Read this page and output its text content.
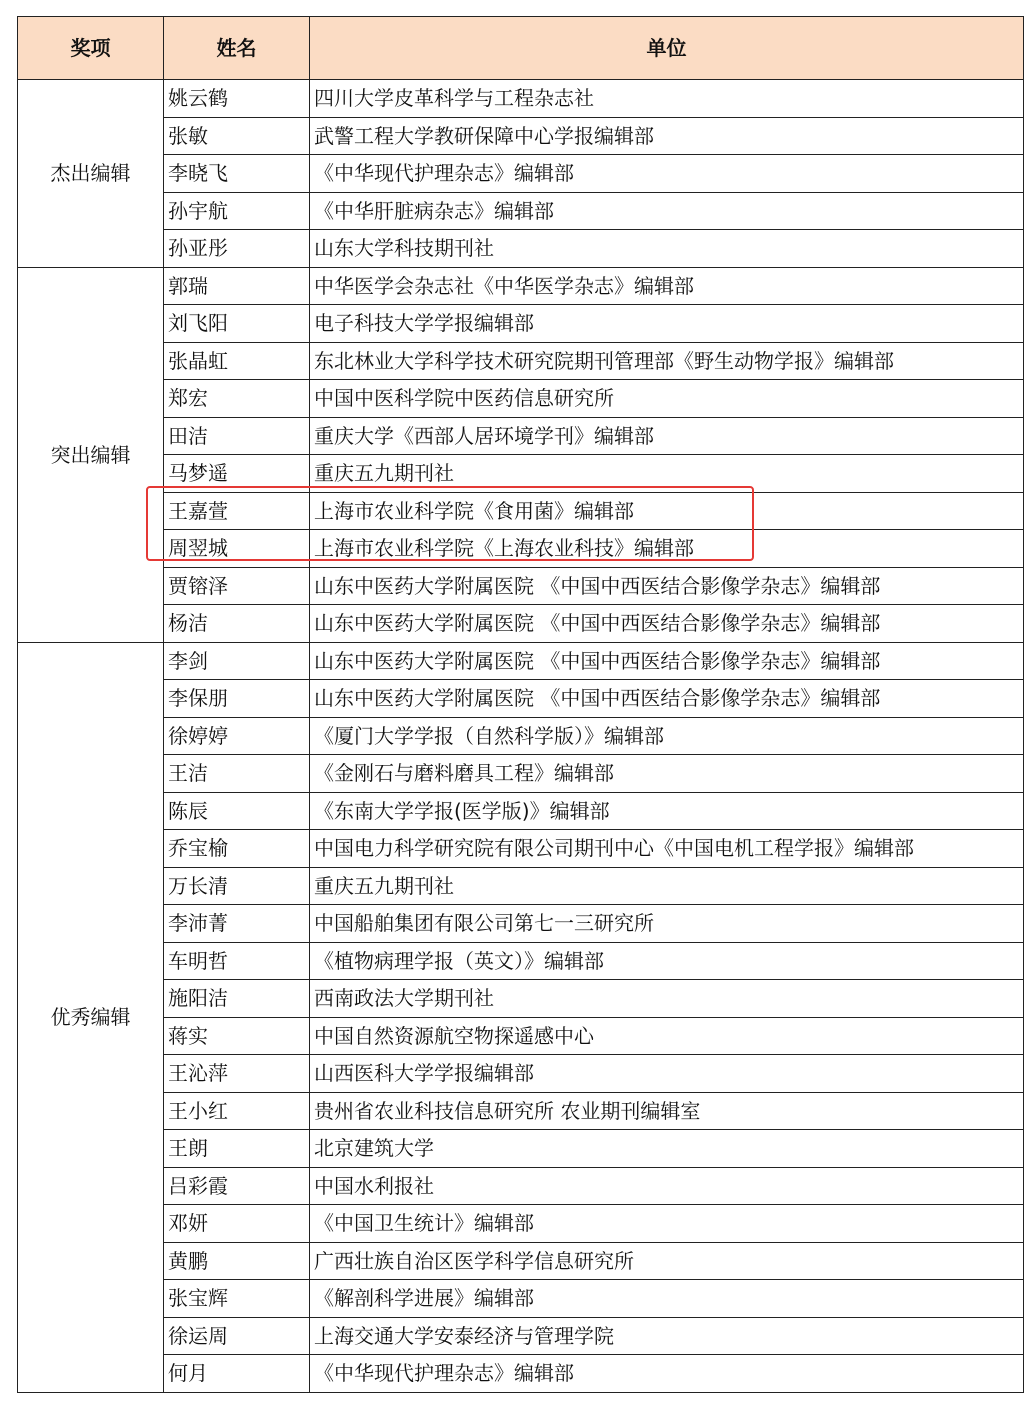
奖项	姓名	单位
杰出编辑	姚云鹤	四川大学皮革科学与工程杂志社
	张敏	武警工程大学教研保障中心学报编辑部
	李晓飞	《中华现代护理杂志》编辑部
	孙宇航	《中华肝脏病杂志》编辑部
	孙亚彤	山东大学科技期刊社
突出编辑	郭瑞	中华医学会杂志社《中华医学杂志》编辑部
	刘飞阳	电子科技大学学报编辑部
	张晶虹	东北林业大学科学技术研究院期刊管理部《野生动物学报》编辑部
	郑宏	中国中医科学院中医药信息研究所
	田洁	重庆大学《西部人居环境学刊》编辑部
	马梦遥	重庆五九期刊社
	王嘉萱	上海市农业科学院《食用菌》编辑部
	周翌城	上海市农业科学院《上海农业科技》编辑部
	贾镕泽	山东中医药大学附属医院 《中国中西医结合影像学杂志》编辑部
	杨洁	山东中医药大学附属医院 《中国中西医结合影像学杂志》编辑部
优秀编辑	李剑	山东中医药大学附属医院 《中国中西医结合影像学杂志》编辑部
	李保朋	山东中医药大学附属医院 《中国中西医结合影像学杂志》编辑部
	徐婷婷	《厦门大学学报（自然科学版）》编辑部
	王洁	《金刚石与磨料磨具工程》编辑部
	陈辰	《东南大学学报(医学版)》编辑部
	乔宝榆	中国电力科学研究院有限公司期刊中心《中国电机工程学报》编辑部
	万长清	重庆五九期刊社
	李沛菁	中国船舶集团有限公司第七一三研究所
	车明哲	《植物病理学报（英文）》编辑部
	施阳洁	西南政法大学期刊社
	蒋实	中国自然资源航空物探遥感中心
	王沁萍	山西医科大学学报编辑部
	王小红	贵州省农业科技信息研究所 农业期刊编辑室
	王朗	北京建筑大学
	吕彩霞	中国水利报社
	邓妍	《中国卫生统计》编辑部
	黄鹏	广西壮族自治区医学科学信息研究所
	张宝辉	《解剖科学进展》编辑部
	徐运周	上海交通大学安泰经济与管理学院
	何月	《中华现代护理杂志》编辑部
